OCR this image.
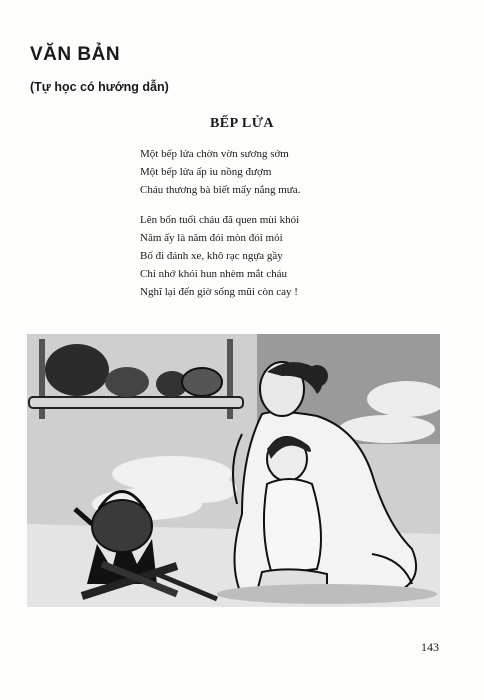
VĂN BẢN

(Tự học có hướng dẫn)

BẾP LỬA
Một bếp lửa chờn vờn sương sớm
Một bếp lửa ấp iu nồng đượm
Cháu thương bà biết mấy nắng mưa.
Lên bốn tuổi cháu đã quen mùi khói
Năm ấy là năm đói mòn đói mỏi
Bố đi đánh xe, khô rạc ngựa gầy
Chỉ nhớ khói hun nhèm mắt cháu
Nghĩ lại đến giờ sống mũi còn cay !
143
